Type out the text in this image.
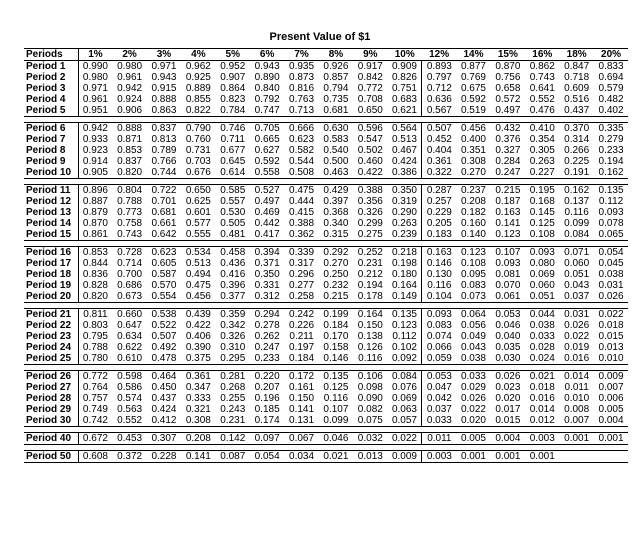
Present Value of $1
Periods	1%	2%	3%	4%	5%	6%	7%	8%	9%	10%	12%	14%	15%	16%	18%	20%
Period 1	0.990	0.980	0.971	0.962	0.952	0.943	0.935	0.926	0.917	0.909	0.893	0.877	0.870	0.862	0.847	0.833
Period 2	0.980	0.961	0.943	0.925	0.907	0.890	0.873	0.857	0.842	0.826	0.797	0.769	0.756	0.743	0.718	0.694
Period 3	0.971	0.942	0.915	0.889	0.864	0.840	0.816	0.794	0.772	0.751	0.712	0.675	0.658	0.641	0.609	0.579
Period 4	0.961	0.924	0.888	0.855	0.823	0.792	0.763	0.735	0.708	0.683	0.636	0.592	0.572	0.552	0.516	0.482
Period 5	0.951	0.906	0.863	0.822	0.784	0.747	0.713	0.681	0.650	0.621	0.567	0.519	0.497	0.476	0.437	0.402

Period 6	0.942	0.888	0.837	0.790	0.746	0.705	0.666	0.630	0.596	0.564	0.507	0.456	0.432	0.410	0.370	0.335
Period 7	0.933	0.871	0.813	0.760	0.711	0.665	0.623	0.583	0.547	0.513	0.452	0.400	0.376	0.354	0.314	0.279
Period 8	0.923	0.853	0.789	0.731	0.677	0.627	0.582	0.540	0.502	0.467	0.404	0.351	0.327	0.305	0.266	0.233
Period 9	0.914	0.837	0.766	0.703	0.645	0.592	0.544	0.500	0.460	0.424	0.361	0.308	0.284	0.263	0.225	0.194
Period 10	0.905	0.820	0.744	0.676	0.614	0.558	0.508	0.463	0.422	0.386	0.322	0.270	0.247	0.227	0.191	0.162

Period 11	0.896	0.804	0.722	0.650	0.585	0.527	0.475	0.429	0.388	0.350	0.287	0.237	0.215	0.195	0.162	0.135
Period 12	0.887	0.788	0.701	0.625	0.557	0.497	0.444	0.397	0.356	0.319	0.257	0.208	0.187	0.168	0.137	0.112
Period 13	0.879	0.773	0.681	0.601	0.530	0.469	0.415	0.368	0.326	0.290	0.229	0.182	0.163	0.145	0.116	0.093
Period 14	0.870	0.758	0.661	0.577	0.505	0.442	0.388	0.340	0.299	0.263	0.205	0.160	0.141	0.125	0.099	0.078
Period 15	0.861	0.743	0.642	0.555	0.481	0.417	0.362	0.315	0.275	0.239	0.183	0.140	0.123	0.108	0.084	0.065

Period 16	0.853	0.728	0.623	0.534	0.458	0.394	0.339	0.292	0.252	0.218	0.163	0.123	0.107	0.093	0.071	0.054
Period 17	0.844	0.714	0.605	0.513	0.436	0.371	0.317	0.270	0.231	0.198	0.146	0.108	0.093	0.080	0.060	0.045
Period 18	0.836	0.700	0.587	0.494	0.416	0.350	0.296	0.250	0.212	0.180	0.130	0.095	0.081	0.069	0.051	0.038
Period 19	0.828	0.686	0.570	0.475	0.396	0.331	0.277	0.232	0.194	0.164	0.116	0.083	0.070	0.060	0.043	0.031
Period 20	0.820	0.673	0.554	0.456	0.377	0.312	0.258	0.215	0.178	0.149	0.104	0.073	0.061	0.051	0.037	0.026

Period 21	0.811	0.660	0.538	0.439	0.359	0.294	0.242	0.199	0.164	0.135	0.093	0.064	0.053	0.044	0.031	0.022
Period 22	0.803	0.647	0.522	0.422	0.342	0.278	0.226	0.184	0.150	0.123	0.083	0.056	0.046	0.038	0.026	0.018
Period 23	0.795	0.634	0.507	0.406	0.326	0.262	0.211	0.170	0.138	0.112	0.074	0.049	0.040	0.033	0.022	0.015
Period 24	0.788	0.622	0.492	0.390	0.310	0.247	0.197	0.158	0.126	0.102	0.066	0.043	0.035	0.028	0.019	0.013
Period 25	0.780	0.610	0.478	0.375	0.295	0.233	0.184	0.146	0.116	0.092	0.059	0.038	0.030	0.024	0.016	0.010

Period 26	0.772	0.598	0.464	0.361	0.281	0.220	0.172	0.135	0.106	0.084	0.053	0.033	0.026	0.021	0.014	0.009
Period 27	0.764	0.586	0.450	0.347	0.268	0.207	0.161	0.125	0.098	0.076	0.047	0.029	0.023	0.018	0.011	0.007
Period 28	0.757	0.574	0.437	0.333	0.255	0.196	0.150	0.116	0.090	0.069	0.042	0.026	0.020	0.016	0.010	0.006
Period 29	0.749	0.563	0.424	0.321	0.243	0.185	0.141	0.107	0.082	0.063	0.037	0.022	0.017	0.014	0.008	0.005
Period 30	0.742	0.552	0.412	0.308	0.231	0.174	0.131	0.099	0.075	0.057	0.033	0.020	0.015	0.012	0.007	0.004

Period 40	0.672	0.453	0.307	0.208	0.142	0.097	0.067	0.046	0.032	0.022	0.011	0.005	0.004	0.003	0.001	0.001

Period 50	0.608	0.372	0.228	0.141	0.087	0.054	0.034	0.021	0.013	0.009	0.003	0.001	0.001	0.001		
